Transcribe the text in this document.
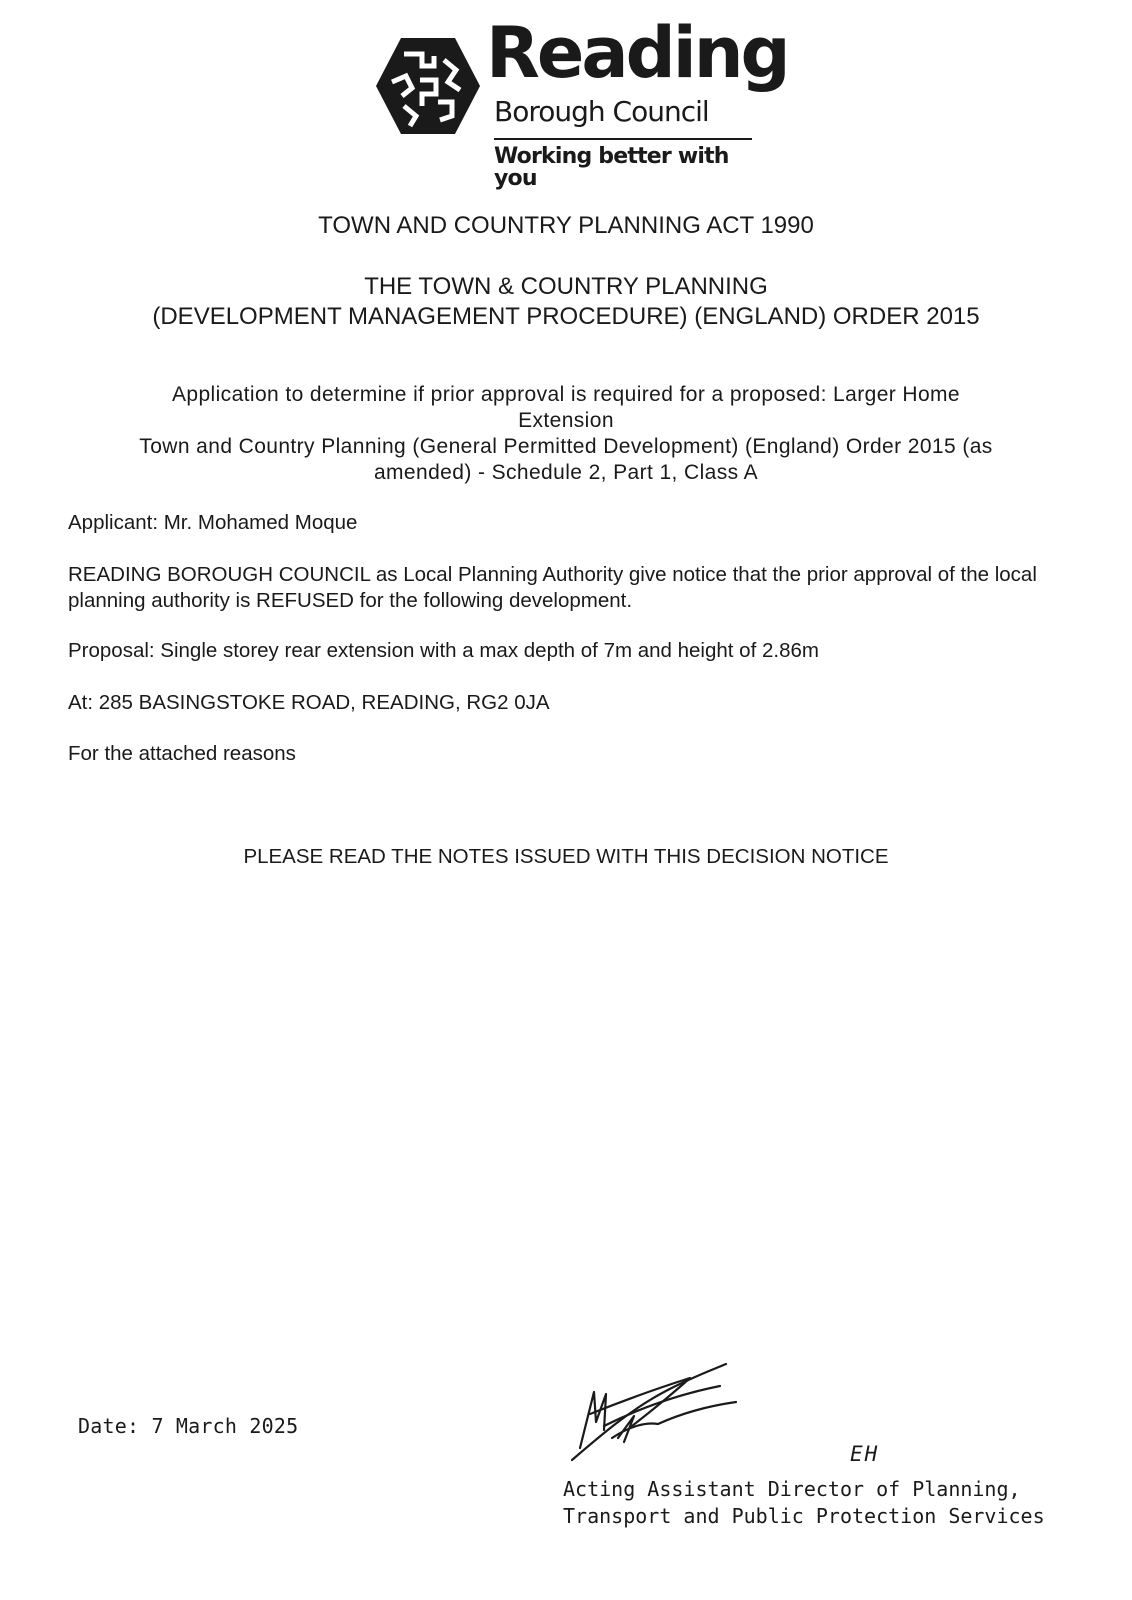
Reading
Borough Council
Working better with you
TOWN AND COUNTRY PLANNING ACT 1990
THE TOWN & COUNTRY PLANNING
(DEVELOPMENT MANAGEMENT PROCEDURE) (ENGLAND) ORDER 2015
Application to determine if prior approval is required for a proposed: Larger Home
Extension
Town and Country Planning (General Permitted Development) (England) Order 2015 (as
amended) - Schedule 2, Part 1, Class A
Applicant: Mr. Mohamed Moque
READING BOROUGH COUNCIL as Local Planning Authority give notice that the prior approval of the local planning authority is REFUSED for the following development.
Proposal: Single storey rear extension with a max depth of 7m and height of 2.86m
At: 285 BASINGSTOKE ROAD, READING, RG2 0JA
For the attached reasons
PLEASE READ THE NOTES ISSUED WITH THIS DECISION NOTICE
Date: 7 March 2025
EH
Acting Assistant Director of Planning,
Transport and Public Protection Services
